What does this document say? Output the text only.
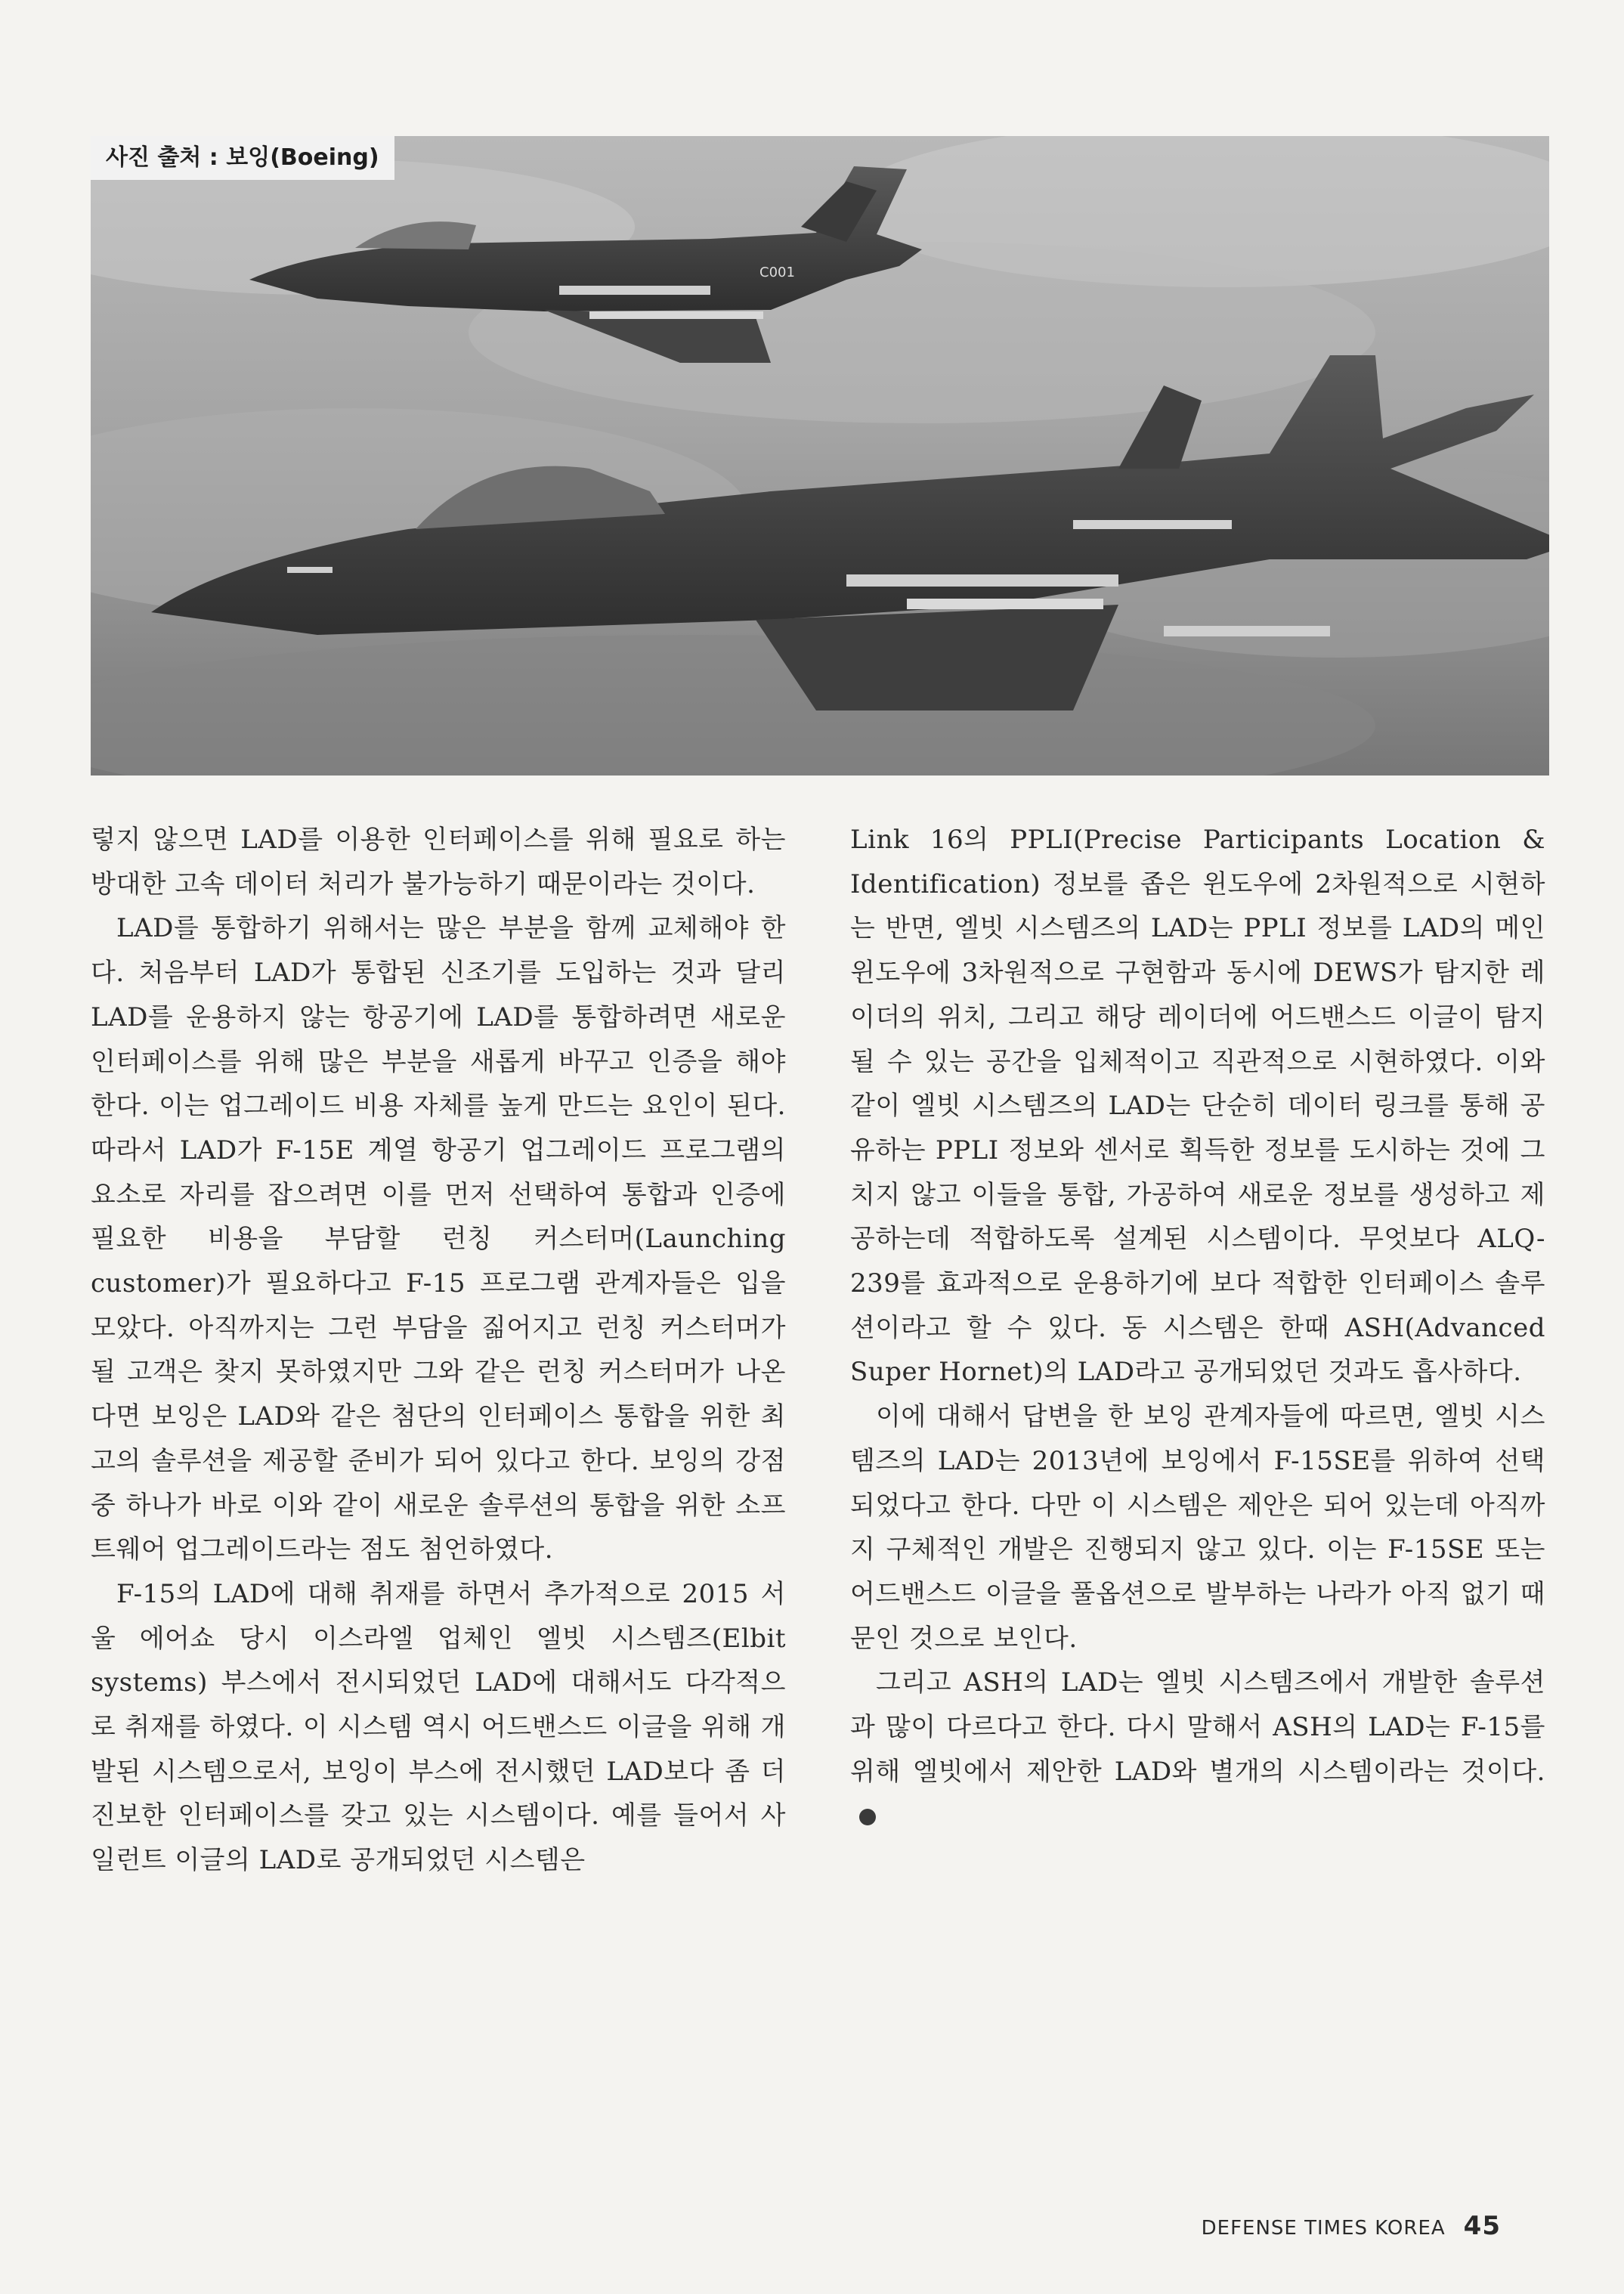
C001
사진 출처 : 보잉(Boeing)

렇지 않으면 LAD를 이용한 인터페이스를 위해 필요로 하는 방대한 고속 데이터 처리가 불가능하기 때문이라는 것이다.

LAD를 통합하기 위해서는 많은 부분을 함께 교체해야 한다. 처음부터 LAD가 통합된 신조기를 도입하는 것과 달리 LAD를 운용하지 않는 항공기에 LAD를 통합하려면 새로운 인터페이스를 위해 많은 부분을 새롭게 바꾸고 인증을 해야 한다. 이는 업그레이드 비용 자체를 높게 만드는 요인이 된다. 따라서 LAD가 F-15E 계열 항공기 업그레이드 프로그램의 요소로 자리를 잡으려면 이를 먼저 선택하여 통합과 인증에 필요한 비용을 부담할 런칭 커스터머(Launching customer)가 필요하다고 F-15 프로그램 관계자들은 입을 모았다. 아직까지는 그런 부담을 짊어지고 런칭 커스터머가 될 고객은 찾지 못하였지만 그와 같은 런칭 커스터머가 나온다면 보잉은 LAD와 같은 첨단의 인터페이스 통합을 위한 최고의 솔루션을 제공할 준비가 되어 있다고 한다. 보잉의 강점 중 하나가 바로 이와 같이 새로운 솔루션의 통합을 위한 소프트웨어 업그레이드라는 점도 첨언하였다.

F-15의 LAD에 대해 취재를 하면서 추가적으로 2015 서울 에어쇼 당시 이스라엘 업체인 엘빗 시스템즈(Elbit systems) 부스에서 전시되었던 LAD에 대해서도 다각적으로 취재를 하였다. 이 시스템 역시 어드밴스드 이글을 위해 개발된 시스템으로서, 보잉이 부스에 전시했던 LAD보다 좀 더 진보한 인터페이스를 갖고 있는 시스템이다. 예를 들어서 사일런트 이글의 LAD로 공개되었던 시스템은

Link 16의 PPLI(Precise Participants Location & Identification) 정보를 좁은 윈도우에 2차원적으로 시현하는 반면, 엘빗 시스템즈의 LAD는 PPLI 정보를 LAD의 메인 윈도우에 3차원적으로 구현함과 동시에 DEWS가 탐지한 레이더의 위치, 그리고 해당 레이더에 어드밴스드 이글이 탐지될 수 있는 공간을 입체적이고 직관적으로 시현하였다. 이와 같이 엘빗 시스템즈의 LAD는 단순히 데이터 링크를 통해 공유하는 PPLI 정보와 센서로 획득한 정보를 도시하는 것에 그치지 않고 이들을 통합, 가공하여 새로운 정보를 생성하고 제공하는데 적합하도록 설계된 시스템이다. 무엇보다 ALQ-239를 효과적으로 운용하기에 보다 적합한 인터페이스 솔루션이라고 할 수 있다. 동 시스템은 한때 ASH(Advanced Super Hornet)의 LAD라고 공개되었던 것과도 흡사하다.

이에 대해서 답변을 한 보잉 관계자들에 따르면, 엘빗 시스템즈의 LAD는 2013년에 보잉에서 F-15SE를 위하여 선택되었다고 한다. 다만 이 시스템은 제안은 되어 있는데 아직까지 구체적인 개발은 진행되지 않고 있다. 이는 F-15SE 또는 어드밴스드 이글을 풀옵션으로 발부하는 나라가 아직 없기 때문인 것으로 보인다.

그리고 ASH의 LAD는 엘빗 시스템즈에서 개발한 솔루션과 많이 다르다고 한다. 다시 말해서 ASH의 LAD는 F-15를 위해 엘빗에서 제안한 LAD와 별개의 시스템이라는 것이다.

DEFENSE TIMES KOREA 45
